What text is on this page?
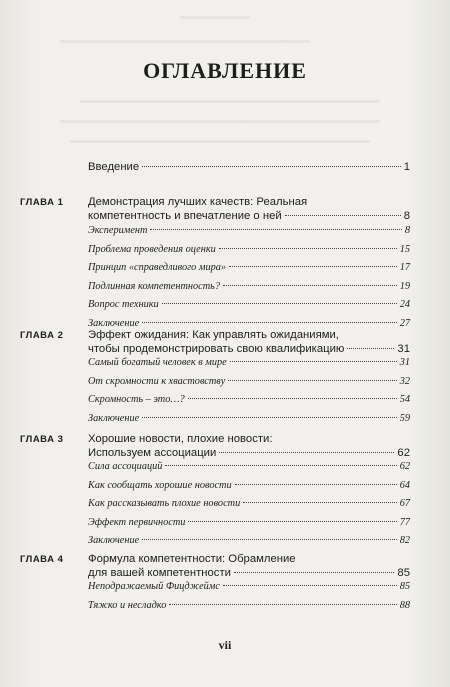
ОГЛАВЛЕНИЕ
Введение	1
ГЛАВА 1 Демонстрация лучших качеств: Реальная
компетентность и впечатление о ней	8
Эксперимент	8
Проблема проведения оценки	15
Принцип «справедливого мира»	17
Подлинная компетентность?	19
Вопрос техники	24
Заключение	27
ГЛАВА 2 Эффект ожидания: Как управлять ожиданиями,
чтобы продемонстрировать свою квалификацию	31
Самый богатый человек в мире	31
От скромности к хвастовству	32
Скромность – это…?	54
Заключение	59
ГЛАВА 3 Хорошие новости, плохие новости:
Используем ассоциации	62
Сила ассоциаций	62
Как сообщать хорошие новости	64
Как рассказывать плохие новости	67
Эффект первичности	77
Заключение	82
ГЛАВА 4 Формула компетентности: Обрамление
для вашей компетентности	85
Неподражаемый Фицджеймс	85
Тяжко и несладко	88
vii
